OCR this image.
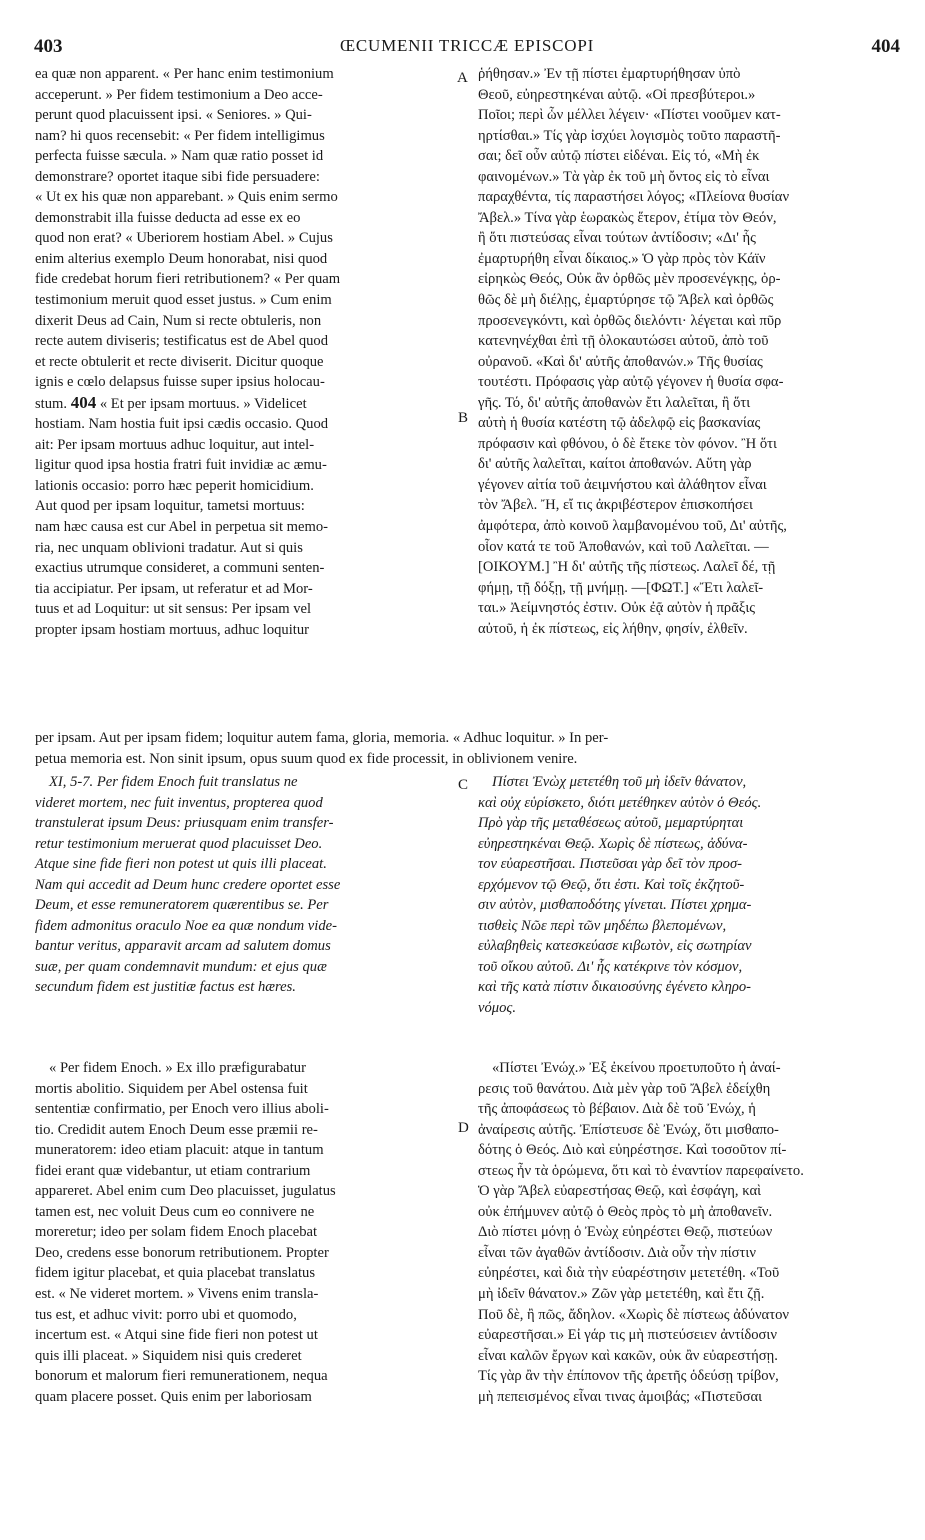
403	ŒCUMENII TRICCÆ EPISCOPI	404
A
B
C
D

ea quæ non apparent. « Per hanc enim testimonium

acceperunt. » Per fidem testimonium a Deo acce-

perunt quod placuissent ipsi. « Seniores. » Qui-

nam? hi quos recensebit: « Per fidem intelligimus

perfecta fuisse sæcula. » Nam quæ ratio posset id

demonstrare? oportet itaque sibi fide persuadere:

« Ut ex his quæ non apparebant. » Quis enim sermo

demonstrabit illa fuisse deducta ad esse ex eo

quod non erat? « Uberiorem hostiam Abel. » Cujus

enim alterius exemplo Deum honorabat, nisi quod

fide credebat horum fieri retributionem? « Per quam

testimonium meruit quod esset justus. » Cum enim

dixerit Deus ad Cain, Num si recte obtuleris, non

recte autem diviseris; testificatus est de Abel quod

et recte obtulerit et recte diviserit. Dicitur quoque

ignis e cœlo delapsus fuisse super ipsius holocau-

stum. 404 « Et per ipsam mortuus. » Videlicet

hostiam. Nam hostia fuit ipsi cædis occasio. Quod

ait: Per ipsam mortuus adhuc loquitur, aut intel-

ligitur quod ipsa hostia fratri fuit invidiæ ac æmu-

lationis occasio: porro hæc peperit homicidium.

Aut quod per ipsam loquitur, tametsi mortuus:

nam hæc causa est cur Abel in perpetua sit memo-

ria, nec unquam oblivioni tradatur. Aut si quis

exactius utrumque consideret, a communi senten-

tia accipiatur. Per ipsam, ut referatur et ad Mor-

tuus et ad Loquitur: ut sit sensus: Per ipsam vel

propter ipsam hostiam mortuus, adhuc loquitur

ῥήθησαν.» Ἐν τῇ πίστει ἐμαρτυρήθησαν ὑπὸ

Θεοῦ, εὐηρεστηκέναι αὐτῷ. «Οἱ πρεσβύτεροι.»

Ποῖοι; περὶ ὧν μέλλει λέγειν· «Πίστει νοοῦμεν κατ-

ηρτίσθαι.» Τίς γὰρ ἰσχύει λογισμὸς τοῦτο παραστῆ-

σαι; δεῖ οὖν αὐτῷ πίστει εἰδέναι. Εἰς τό, «Μὴ ἐκ

φαινομένων.» Τὰ γὰρ ἐκ τοῦ μὴ ὄντος εἰς τὸ εἶναι

παραχθέντα, τίς παραστήσει λόγος; «Πλείονα θυσίαν

Ἄβελ.» Τίνα γὰρ ἑωρακὼς ἕτερον, ἐτίμα τὸν Θεόν,

ἢ ὅτι πιστεύσας εἶναι τούτων ἀντίδοσιν; «Δι' ἧς

ἐμαρτυρήθη εἶναι δίκαιος.» Ὁ γὰρ πρὸς τὸν Κάϊν

εἰρηκὼς Θεός, Οὐκ ἂν ὀρθῶς μὲν προσενέγκῃς, ὀρ-

θῶς δὲ μὴ διέλῃς, ἐμαρτύρησε τῷ Ἄβελ καὶ ὀρθῶς

προσενεγκόντι, καὶ ὀρθῶς διελόντι· λέγεται καὶ πῦρ

κατενηνέχθαι ἐπὶ τῇ ὁλοκαυτώσει αὐτοῦ, ἀπὸ τοῦ

οὐρανοῦ. «Καὶ δι' αὐτῆς ἀποθανών.» Τῆς θυσίας

τουτέστι. Πρόφασις γὰρ αὐτῷ γέγονεν ἡ θυσία σφα-

γῆς. Τό, δι' αὐτῆς ἀποθανὼν ἔτι λαλεῖται, ἢ ὅτι

αὐτὴ ἡ θυσία κατέστη τῷ ἀδελφῷ εἰς βασκανίας

πρόφασιν καὶ φθόνου, ὁ δὲ ἔτεκε τὸν φόνον. Ἢ ὅτι

δι' αὐτῆς λαλεῖται, καίτοι ἀποθανών. Αὕτη γὰρ

γέγονεν αἰτία τοῦ ἀειμνήστου καὶ ἀλάθητον εἶναι

τὸν Ἄβελ. Ἤ, εἴ τις ἀκριβέστερον ἐπισκοπήσει

ἀμφότερα, ἀπὸ κοινοῦ λαμβανομένου τοῦ, Δι' αὐτῆς,

οἷον κατά τε τοῦ Ἀποθανών, καὶ τοῦ Λαλεῖται. —

[ΟΙΚΟΥΜ.] Ἢ δι' αὐτῆς τῆς πίστεως. Λαλεῖ δέ, τῇ

φήμῃ, τῇ δόξῃ, τῇ μνήμῃ. —[ΦΩΤ.] «Ἔτι λαλεῖ-

ται.» Ἀείμνηστός ἐστιν. Οὐκ ἐᾷ αὐτὸν ἡ πρᾶξις

αὐτοῦ, ἡ ἐκ πίστεως, εἰς λήθην, φησίν, ἐλθεῖν.

per ipsam. Aut per ipsam fidem; loquitur autem fama, gloria, memoria. « Adhuc loquitur. » In per-

petua memoria est. Non sinit ipsum, opus suum quod ex fide processit, in oblivionem venire.

XI, 5-7. Per fidem Enoch fuit translatus ne

videret mortem, nec fuit inventus, propterea quod

transtulerat ipsum Deus: priusquam enim transfer-

retur testimonium meruerat quod placuisset Deo.

Atque sine fide fieri non potest ut quis illi placeat.

Nam qui accedit ad Deum hunc credere oportet esse

Deum, et esse remuneratorem quærentibus se. Per

fidem admonitus oraculo Noe ea quæ nondum vide-

bantur veritus, apparavit arcam ad salutem domus

suæ, per quam condemnavit mundum: et ejus quæ

secundum fidem est justitiæ factus est hæres.

Πίστει Ἐνὼχ μετετέθη τοῦ μὴ ἰδεῖν θάνατον,

καὶ οὐχ εὑρίσκετο, διότι μετέθηκεν αὐτὸν ὁ Θεός.

Πρὸ γὰρ τῆς μεταθέσεως αὐτοῦ, μεμαρτύρηται

εὐηρεστηκέναι Θεῷ. Χωρὶς δὲ πίστεως, ἀδύνα-

τον εὐαρεστῆσαι. Πιστεῦσαι γὰρ δεῖ τὸν προσ-

ερχόμενον τῷ Θεῷ, ὅτι ἐστι. Καὶ τοῖς ἐκζητοῦ-

σιν αὐτὸν, μισθαποδότης γίνεται. Πίστει χρημα-

τισθεὶς Νῶε περὶ τῶν μηδέπω βλεπομένων,

εὐλαβηθεὶς κατεσκεύασε κιβωτὸν, εἰς σωτηρίαν

τοῦ οἴκου αὐτοῦ. Δι' ἧς κατέκρινε τὸν κόσμον,

καὶ τῆς κατὰ πίστιν δικαιοσύνης ἐγένετο κληρο-

νόμος.

« Per fidem Enoch. » Ex illo præfigurabatur

mortis abolitio. Siquidem per Abel ostensa fuit

sententiæ confirmatio, per Enoch vero illius aboli-

tio. Credidit autem Enoch Deum esse præmii re-

muneratorem: ideo etiam placuit: atque in tantum

fidei erant quæ videbantur, ut etiam contrarium

appareret. Abel enim cum Deo placuisset, jugulatus

tamen est, nec voluit Deus cum eo connivere ne

moreretur; ideo per solam fidem Enoch placebat

Deo, credens esse bonorum retributionem. Propter

fidem igitur placebat, et quia placebat translatus

est. « Ne videret mortem. » Vivens enim transla-

tus est, et adhuc vivit: porro ubi et quomodo,

incertum est. « Atqui sine fide fieri non potest ut

quis illi placeat. » Siquidem nisi quis crederet

bonorum et malorum fieri remunerationem, nequa

quam placere posset. Quis enim per laboriosam

«Πίστει Ἐνώχ.» Ἐξ ἐκείνου προετυποῦτο ἡ ἀναί-

ρεσις τοῦ θανάτου. Διὰ μὲν γὰρ τοῦ Ἄβελ ἐδείχθη

τῆς ἀποφάσεως τὸ βέβαιον. Διὰ δὲ τοῦ Ἐνώχ, ἡ

ἀναίρεσις αὐτῆς. Ἐπίστευσε δὲ Ἐνώχ, ὅτι μισθαπο-

δότης ὁ Θεός. Διὸ καὶ εὐηρέστησε. Καὶ τοσοῦτον πί-

στεως ἦν τὰ ὁρώμενα, ὅτι καὶ τὸ ἐναντίον παρεφαίνετο.

Ὁ γὰρ Ἄβελ εὐαρεστήσας Θεῷ, καὶ ἐσφάγη, καὶ

οὐκ ἐπήμυνεν αὐτῷ ὁ Θεὸς πρὸς τὸ μὴ ἀποθανεῖν.

Διὸ πίστει μόνῃ ὁ Ἐνὼχ εὐηρέστει Θεῷ, πιστεύων

εἶναι τῶν ἀγαθῶν ἀντίδοσιν. Διὰ οὖν τὴν πίστιν

εὐηρέστει, καὶ διὰ τὴν εὐαρέστησιν μετετέθη. «Τοῦ

μὴ ἰδεῖν θάνατον.» Ζῶν γὰρ μετετέθη, καὶ ἔτι ζῇ.

Ποῦ δὲ, ἢ πῶς, ἄδηλον. «Χωρὶς δὲ πίστεως ἀδύνατον

εὐαρεστῆσαι.» Εἰ γάρ τις μὴ πιστεύσειεν ἀντίδοσιν

εἶναι καλῶν ἔργων καὶ κακῶν, οὐκ ἂν εὐαρεστήσῃ.

Τίς γὰρ ἂν τὴν ἐπίπονον τῆς ἀρετῆς ὁδεύσῃ τρίβον,

μὴ πεπεισμένος εἶναι τινας ἀμοιβάς; «Πιστεῦσαι
